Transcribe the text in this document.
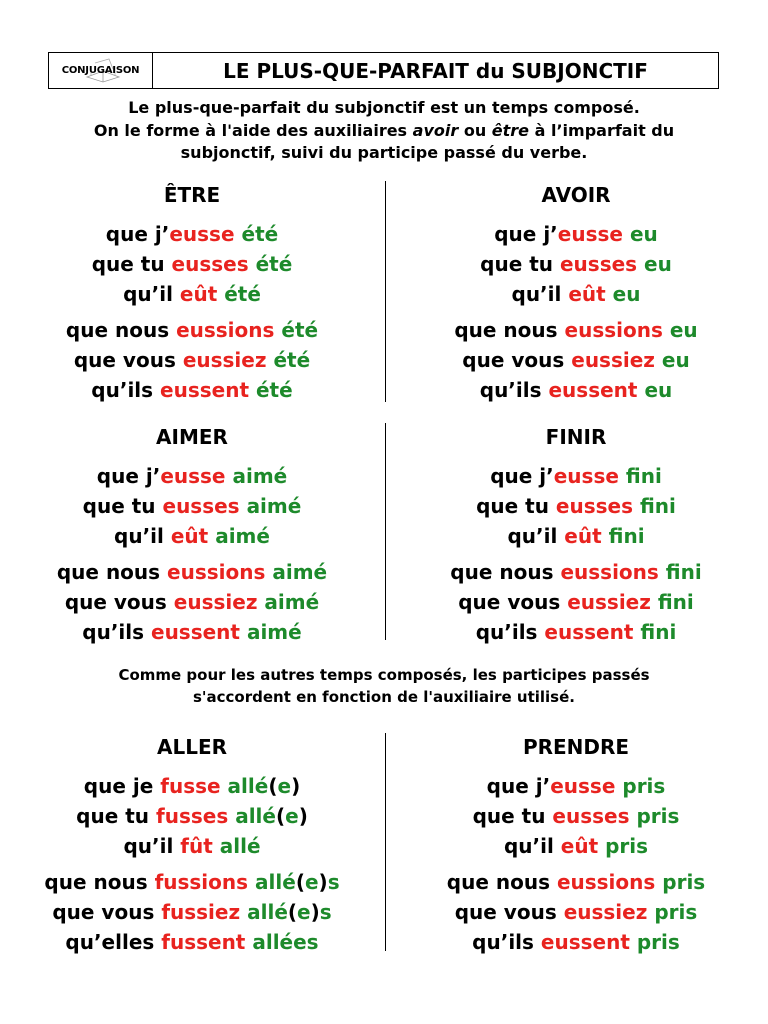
CONJUGAISON	LE PLUS-QUE-PARFAIT du SUBJONCTIF
Le plus-que-parfait du subjonctif est un temps composé.
On le forme à l'aide des auxiliaires avoir ou être à l’imparfait du
subjonctif, suivi du participe passé du verbe.
ÊTRE
que j’eusse été
que tu eusses été
qu’il eût été
que nous eussions été
que vous eussiez été
qu’ils eussent été
AVOIR
que j’eusse eu
que tu eusses eu
qu’il eût eu
que nous eussions eu
que vous eussiez eu
qu’ils eussent eu
AIMER
que j’eusse aimé
que tu eusses aimé
qu’il eût aimé
que nous eussions aimé
que vous eussiez aimé
qu’ils eussent aimé
FINIR
que j’eusse fini
que tu eusses fini
qu’il eût fini
que nous eussions fini
que vous eussiez fini
qu’ils eussent fini
ALLER
que je fusse allé(e)
que tu fusses allé(e)
qu’il fût allé
que nous fussions allé(e)s
que vous fussiez allé(e)s
qu’elles fussent allées
PRENDRE
que j’eusse pris
que tu eusses pris
qu’il eût pris
que nous eussions pris
que vous eussiez pris
qu’ils eussent pris
Comme pour les autres temps composés, les participes passés
s'accordent en fonction de l'auxiliaire utilisé.
